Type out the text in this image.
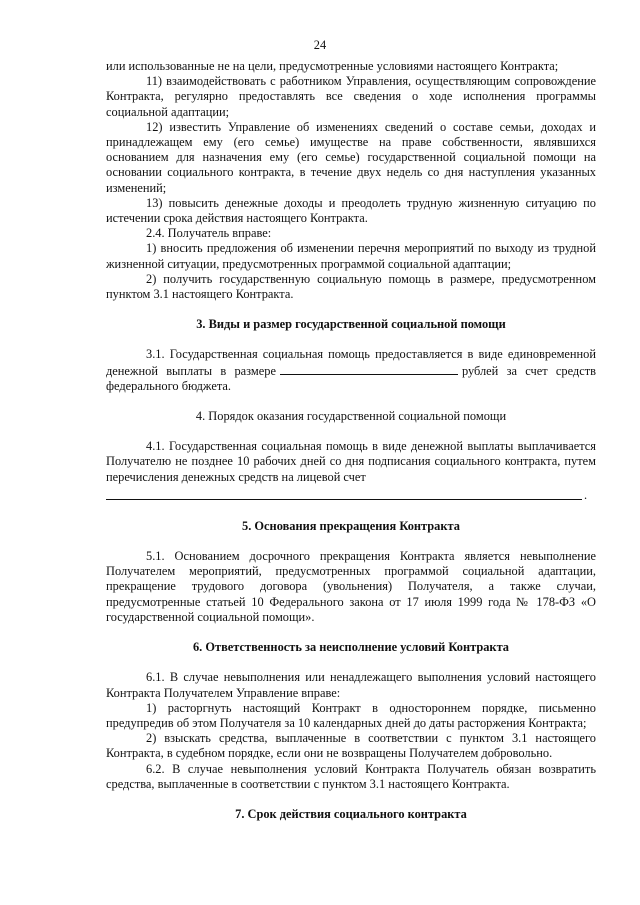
24

или использованные не на цели, предусмотренные условиями настоящего Контракта;

11) взаимодействовать с работником Управления, осуществляющим сопровождение Контракта, регулярно предоставлять все сведения о ходе исполнения программы социальной адаптации;

12) известить Управление об изменениях сведений о составе семьи, доходах и принадлежащем ему (его семье) имуществе на праве собственности, являвшихся основанием для назначения ему (его семье) государственной социальной помощи на основании социального контракта, в течение двух недель со дня наступления указанных изменений;

13) повысить денежные доходы и преодолеть трудную жизненную ситуацию по истечении срока действия настоящего Контракта.

2.4. Получатель вправе:

1) вносить предложения об изменении перечня мероприятий по выходу из трудной жизненной ситуации, предусмотренных программой социальной адаптации;

2) получить государственную социальную помощь в размере, предусмотренном пунктом 3.1 настоящего Контракта.

3. Виды и размер государственной социальной помощи

3.1. Государственная социальная помощь предоставляется в виде единовременной денежной выплаты в размере	рублей за счет средств федерального бюджета.

4. Порядок оказания государственной социальной помощи

4.1. Государственная социальная помощь в виде денежной выплаты выплачивается Получателю не позднее 10 рабочих дней со дня подписания социального контракта, путем перечисления денежных средств на лицевой счет

.
5. Основания прекращения Контракта

5.1. Основанием досрочного прекращения Контракта является невыполнение Получателем мероприятий, предусмотренных программой социальной адаптации, прекращение трудового договора (увольнения) Получателя, а также случаи, предусмотренные статьей 10 Федерального закона от 17 июля 1999 года № 178-ФЗ «О государственной социальной помощи».

6. Ответственность за неисполнение условий Контракта

6.1. В случае невыполнения или ненадлежащего выполнения условий настоящего Контракта Получателем Управление вправе:

1) расторгнуть настоящий Контракт в одностороннем порядке, письменно предупредив об этом Получателя за 10 календарных дней до даты расторжения Контракта;

2) взыскать средства, выплаченные в соответствии с пунктом 3.1 настоящего Контракта, в судебном порядке, если они не возвращены Получателем добровольно.

6.2. В случае невыполнения условий Контракта Получатель обязан возвратить средства, выплаченные в соответствии с пунктом 3.1 настоящего Контракта.

7. Срок действия социального контракта
